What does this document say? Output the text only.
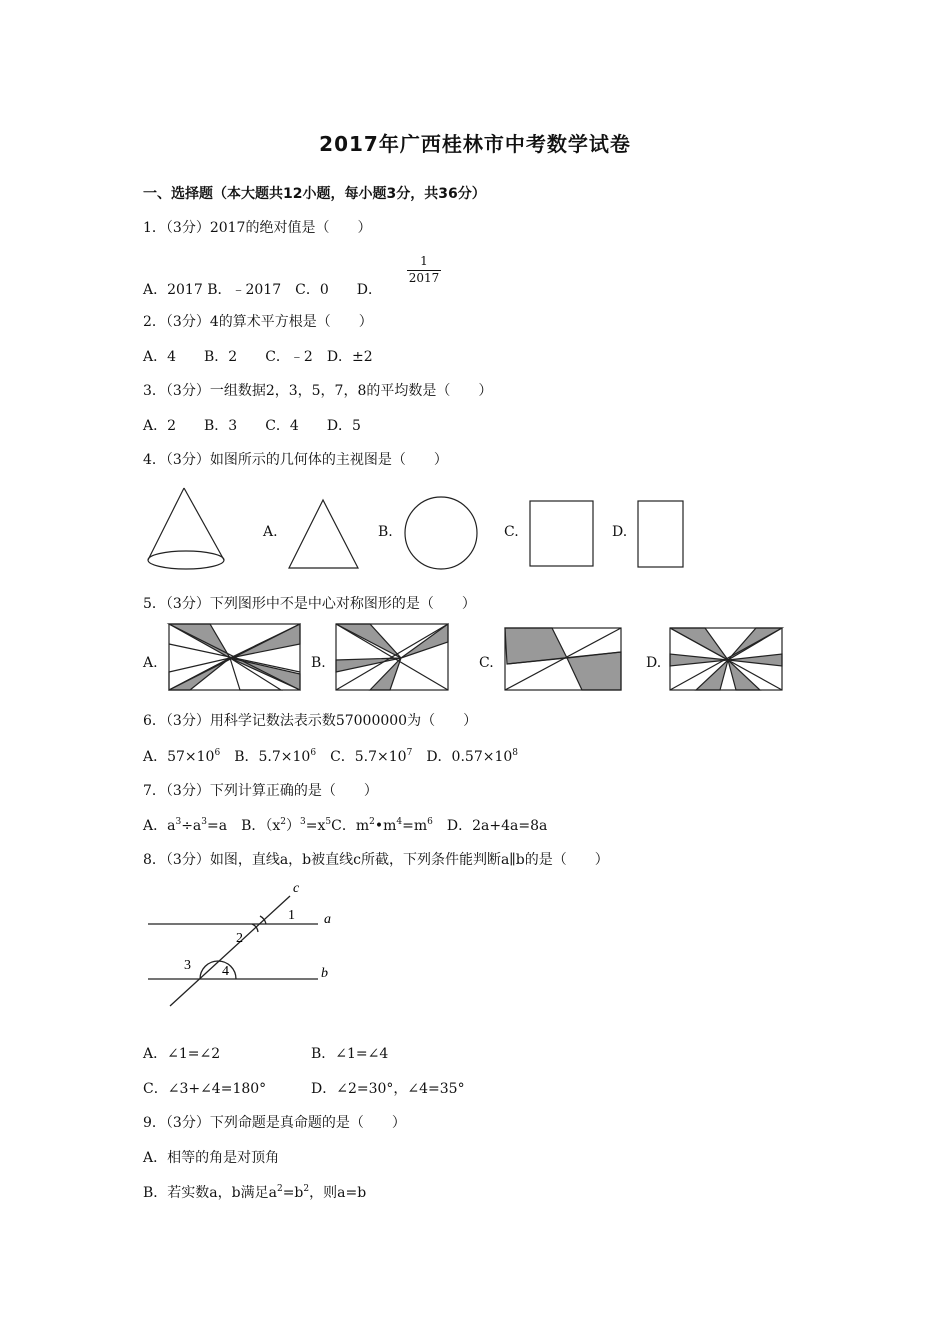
2017年广西桂林市中考数学试卷
一、选择题（本大题共12小题，每小题3分，共36分）
1．（3分）2017的绝对值是（　　）
A．2017 B．﹣2017　C．0　　D．
$\frac{1}{2017}$
2．（3分）4的算术平方根是（　　）
A．4　　B．2　　C．﹣2　D．±2
3．（3分）一组数据2，3，5，7，8的平均数是（　　）
A．2　　B．3　　C．4　　D．5
4．（3分）如图所示的几何体的主视图是（　　）
A.	B.	C.	D.
5．（3分）下列图形中不是中心对称图形的是（　　）
A.	B.	C.	D.
6．（3分）用科学记数法表示数57000000为（　　）
A．$57\times 10^6$　 B．$5.7\times 10^6$　 C．$5.7\times 10^7$　 D．$0.57\times 10^8$
7．（3分）下列计算正确的是（　　）
A．$a^3\div a^3=a$　B．$(x^2)^3=x^5C$．$m^2•m^4=m^6$　D．2a+4a=8a
8．（3分）如图，直线a，b被直线c所截，下列条件能判断a∥b的是（　　）
c
a
b
1
2
3 4
A．∠1=∠2	B．∠1=∠4
C．∠3+∠4=180°	D．∠2=30°，∠4=35°
9．（3分）下列命题是真命题的是（　　）
A．相等的角是对顶角
B．若实数a，b满足$a^2=b^2$，则a=b
